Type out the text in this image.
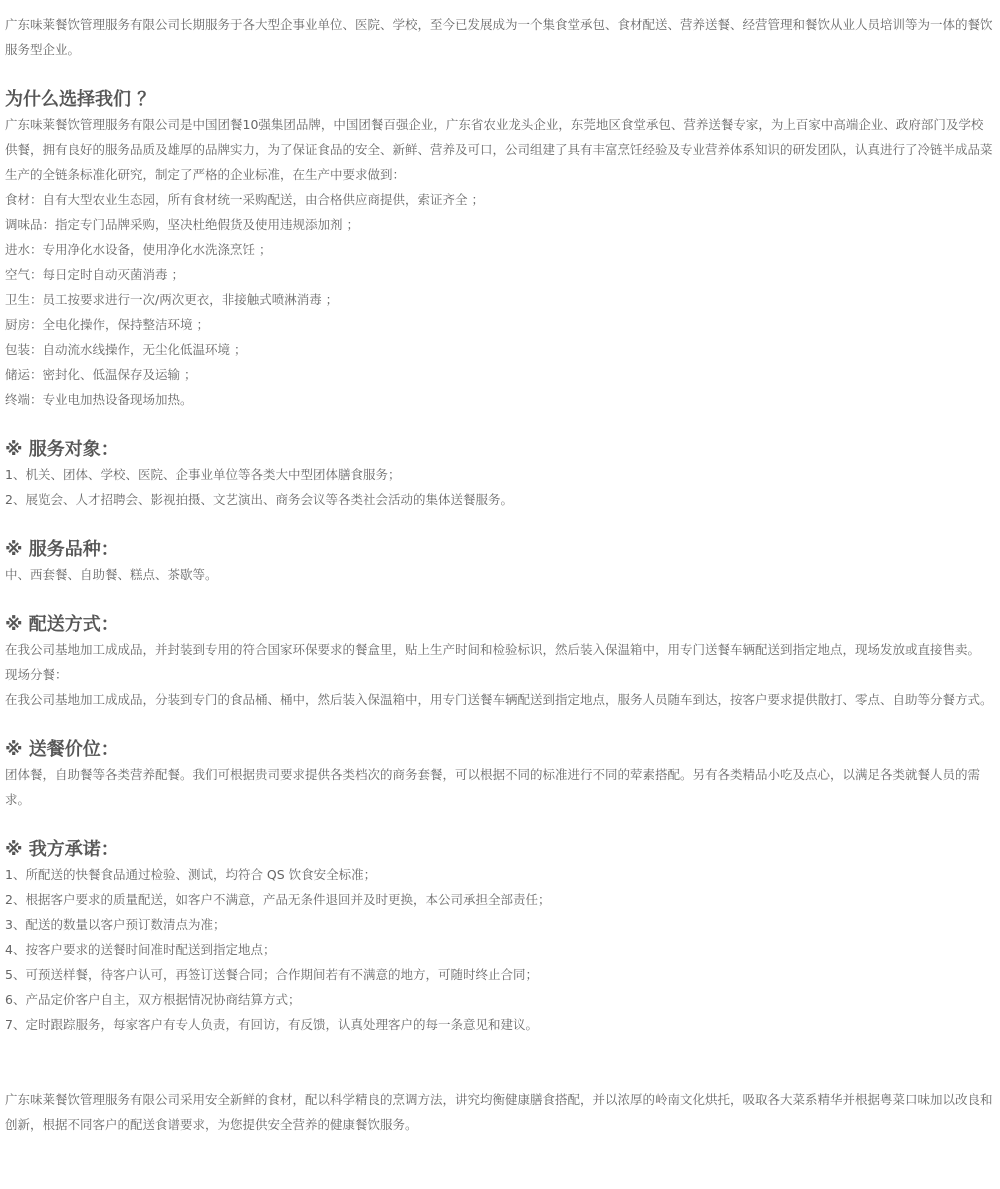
广东味莱餐饮管理服务有限公司长期服务于各大型企事业单位、医院、学校，至今已发展成为一个集食堂承包、食材配送、营养送餐、经营管理和餐饮从业人员培训等为一体的餐饮服务型企业。
为什么选择我们 ？
广东味莱餐饮管理服务有限公司是中国团餐10强集团品牌，中国团餐百强企业，广东省农业龙头企业，东莞地区食堂承包、营养送餐专家，为上百家中高端企业、政府部门及学校供餐，拥有良好的服务品质及雄厚的品牌实力，为了保证食品的安全、新鲜、营养及可口，公司组建了具有丰富烹饪经验及专业营养体系知识的研发团队，认真进行了冷链半成品菜生产的全链条标准化研究，制定了严格的企业标准，在生产中要求做到：
食材：自有大型农业生态园，所有食材统一采购配送，由合格供应商提供，索证齐全 ；
调味品：指定专门品牌采购，坚决杜绝假货及使用违规添加剂 ；
进水：专用净化水设备，使用净化水洗涤烹饪 ；
空气：每日定时自动灭菌消毒 ；
卫生：员工按要求进行一次/两次更衣，非接触式喷淋消毒 ；
厨房：全电化操作，保持整洁环境 ；
包装：自动流水线操作，无尘化低温环境 ；
储运：密封化、低温保存及运输 ；
终端：专业电加热设备现场加热。
※ 服务对象：
1、机关、团体、学校、医院、企事业单位等各类大中型团体膳食服务；
2、展览会、人才招聘会、影视拍摄、文艺演出、商务会议等各类社会活动的集体送餐服务。
※ 服务品种：
中、西套餐、自助餐、糕点、茶歇等。
※ 配送方式：
在我公司基地加工成成品，并封装到专用的符合国家环保要求的餐盒里，贴上生产时间和检验标识，然后装入保温箱中，用专门送餐车辆配送到指定地点，现场发放或直接售卖。
现场分餐：
在我公司基地加工成成品，分装到专门的食品桶、桶中，然后装入保温箱中，用专门送餐车辆配送到指定地点，服务人员随车到达，按客户要求提供散打、零点、自助等分餐方式。
※ 送餐价位：
团体餐，自助餐等各类营养配餐。我们可根据贵司要求提供各类档次的商务套餐，可以根据不同的标准进行不同的荤素搭配。另有各类精品小吃及点心，以满足各类就餐人员的需求。
※ 我方承诺：
1、所配送的快餐食品通过检验、测试，均符合 QS 饮食安全标准；
2、根据客户要求的质量配送，如客户不满意，产品无条件退回并及时更换，本公司承担全部责任；
3、配送的数量以客户预订数清点为准；
4、按客户要求的送餐时间准时配送到指定地点；
5、可预送样餐，待客户认可，再签订送餐合同；合作期间若有不满意的地方，可随时终止合同；
6、产品定价客户自主，双方根据情况协商结算方式；
7、定时跟踪服务，每家客户有专人负责，有回访，有反馈，认真处理客户的每一条意见和建议。
广东味莱餐饮管理服务有限公司采用安全新鲜的食材，配以科学精良的烹调方法，讲究均衡健康膳食搭配，并以浓厚的岭南文化烘托，吸取各大菜系精华并根据粤菜口味加以改良和创新，根据不同客户的配送食谱要求，为您提供安全营养的健康餐饮服务。
